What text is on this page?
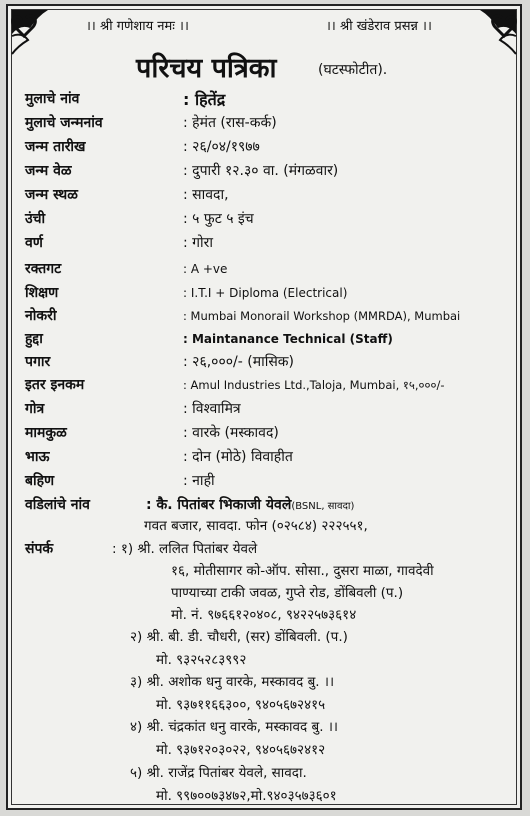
।। श्री गणेशाय नमः ।।	।। श्री खंडेराव प्रसन्न ।।
परिचय पत्रिका	(घटस्फोटीत).
मुलाचे नांव	: हितेंद्र
मुलाचे जन्मनांव	: हेमंत (रास-कर्क)
जन्म तारीख	: २६/०४/१९७७
जन्म वेळ	: दुपारी १२.३० वा. (मंगळवार)
जन्म स्थळ	: सावदा,
उंची	: ५ फुट ५ इंच
वर्ण	: गोरा
रक्तगट	: A +ve
शिक्षण	: I.T.I + Diploma (Electrical)
नोकरी	: Mumbai Monorail Workshop (MMRDA), Mumbai
हुद्दा	: Maintanance Technical (Staff)
पगार	: २६,०००/- (मासिक)
इतर इनकम	: Amul Industries Ltd.,Taloja, Mumbai, १५,०००/-
गोत्र	: विश्वामित्र
मामकुळ	: वारके (मस्कावद)
भाऊ	: दोन (मोठे) विवाहीत
बहिण	: नाही
वडिलांचे नांव	: कै. पितांबर भिकाजी येवले(BSNL, सावदा)
गवत बजार, सावदा. फोन (०२५८४) २२२५५१,
संपर्क	: १) श्री. ललित पितांबर येवले
१६, मोतीसागर को-ऑप. सोसा., दुसरा माळा, गावदेवी
पाण्याच्या टाकी जवळ, गुप्ते रोड, डोंबिवली (प.)
मो. नं. ९७६६१२०४०८, ९४२२५७३६१४
२) श्री. बी. डी. चौधरी, (सर) डोंबिवली. (प.)
मो. ९३२५२८३९९२
३) श्री. अशोक धनु वारके, मस्कावद बु. ।।
मो. ९३७११६६३००, ९४०५६७२४१५
४) श्री. चंद्रकांत धनु वारके, मस्कावद बु. ।।
मो. ९३७१२०३०२२, ९४०५६७२४१२
५) श्री. राजेंद्र पितांबर येवले, सावदा.
मो. ९९७००७३४७२,मो.९४०३५७३६०१
